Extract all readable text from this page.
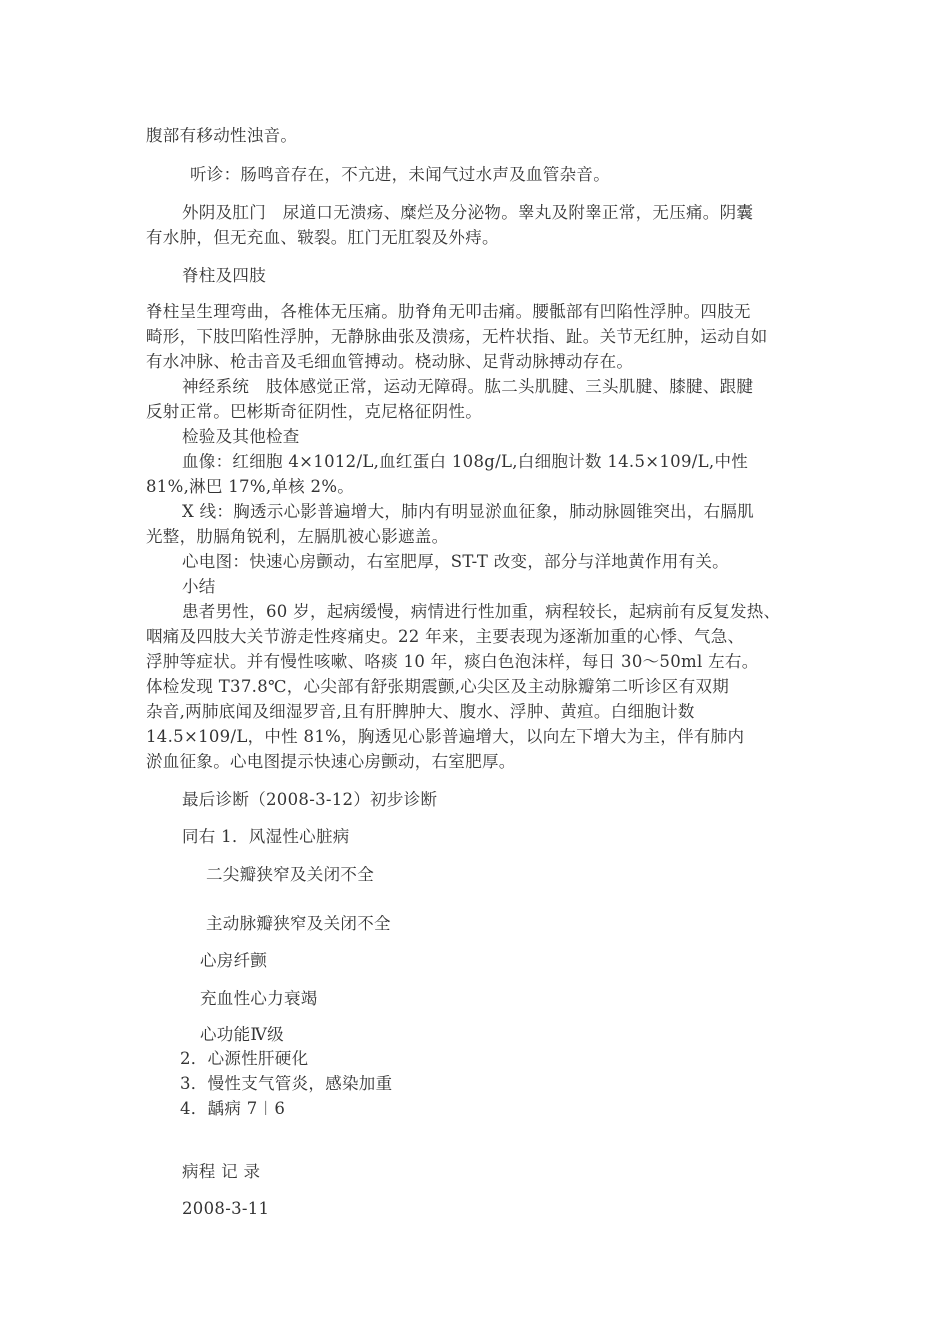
腹部有移动性浊音。
听诊：肠鸣音存在，不亢进，未闻气过水声及血管杂音。
外阴及肛门　尿道口无溃疡、糜烂及分泌物。睾丸及附睾正常，无压痛。阴囊
有水肿，但无充血、皲裂。肛门无肛裂及外痔。
脊柱及四肢
脊柱呈生理弯曲，各椎体无压痛。肋脊角无叩击痛。腰骶部有凹陷性浮肿。四肢无
畸形，下肢凹陷性浮肿，无静脉曲张及溃疡，无杵状指、趾。关节无红肿，运动自如
有水冲脉、枪击音及毛细血管搏动。桡动脉、足背动脉搏动存在。
神经系统　肢体感觉正常，运动无障碍。肱二头肌腱、三头肌腱、膝腱、跟腱
反射正常。巴彬斯奇征阴性，克尼格征阴性。
检验及其他检查
血像：红细胞 4×1012/L,血红蛋白 108g/L,白细胞计数 14.5×109/L,中性
81%,淋巴 17%,单核 2%。
X 线：胸透示心影普遍增大，肺内有明显淤血征象，肺动脉圆锥突出，右膈肌
光整，肋膈角锐利，左膈肌被心影遮盖。
心电图：快速心房颤动，右室肥厚，ST-T 改变，部分与洋地黄作用有关。
小结
患者男性，60 岁，起病缓慢，病情进行性加重，病程较长，起病前有反复发热、
咽痛及四肢大关节游走性疼痛史。22 年来，主要表现为逐渐加重的心悸、气急、
浮肿等症状。并有慢性咳嗽、咯痰 10 年，痰白色泡沫样，每日 30～50ml 左右。
体检发现 T37.8℃，心尖部有舒张期震颤,心尖区及主动脉瓣第二听诊区有双期
杂音,两肺底闻及细湿罗音,且有肝脾肿大、腹水、浮肿、黄疸。白细胞计数
14.5×109/L，中性 81%，胸透见心影普遍增大，以向左下增大为主，伴有肺内
淤血征象。心电图提示快速心房颤动，右室肥厚。
最后诊断（2008-3-12）初步诊断
同右 1．风湿性心脏病
二尖瓣狭窄及关闭不全
主动脉瓣狭窄及关闭不全
心房纤颤
充血性心力衰竭
心功能Ⅳ级
2．心源性肝硬化
3．慢性支气管炎，感染加重
4．龋病 7︱6
病程 记 录
2008-3-11
